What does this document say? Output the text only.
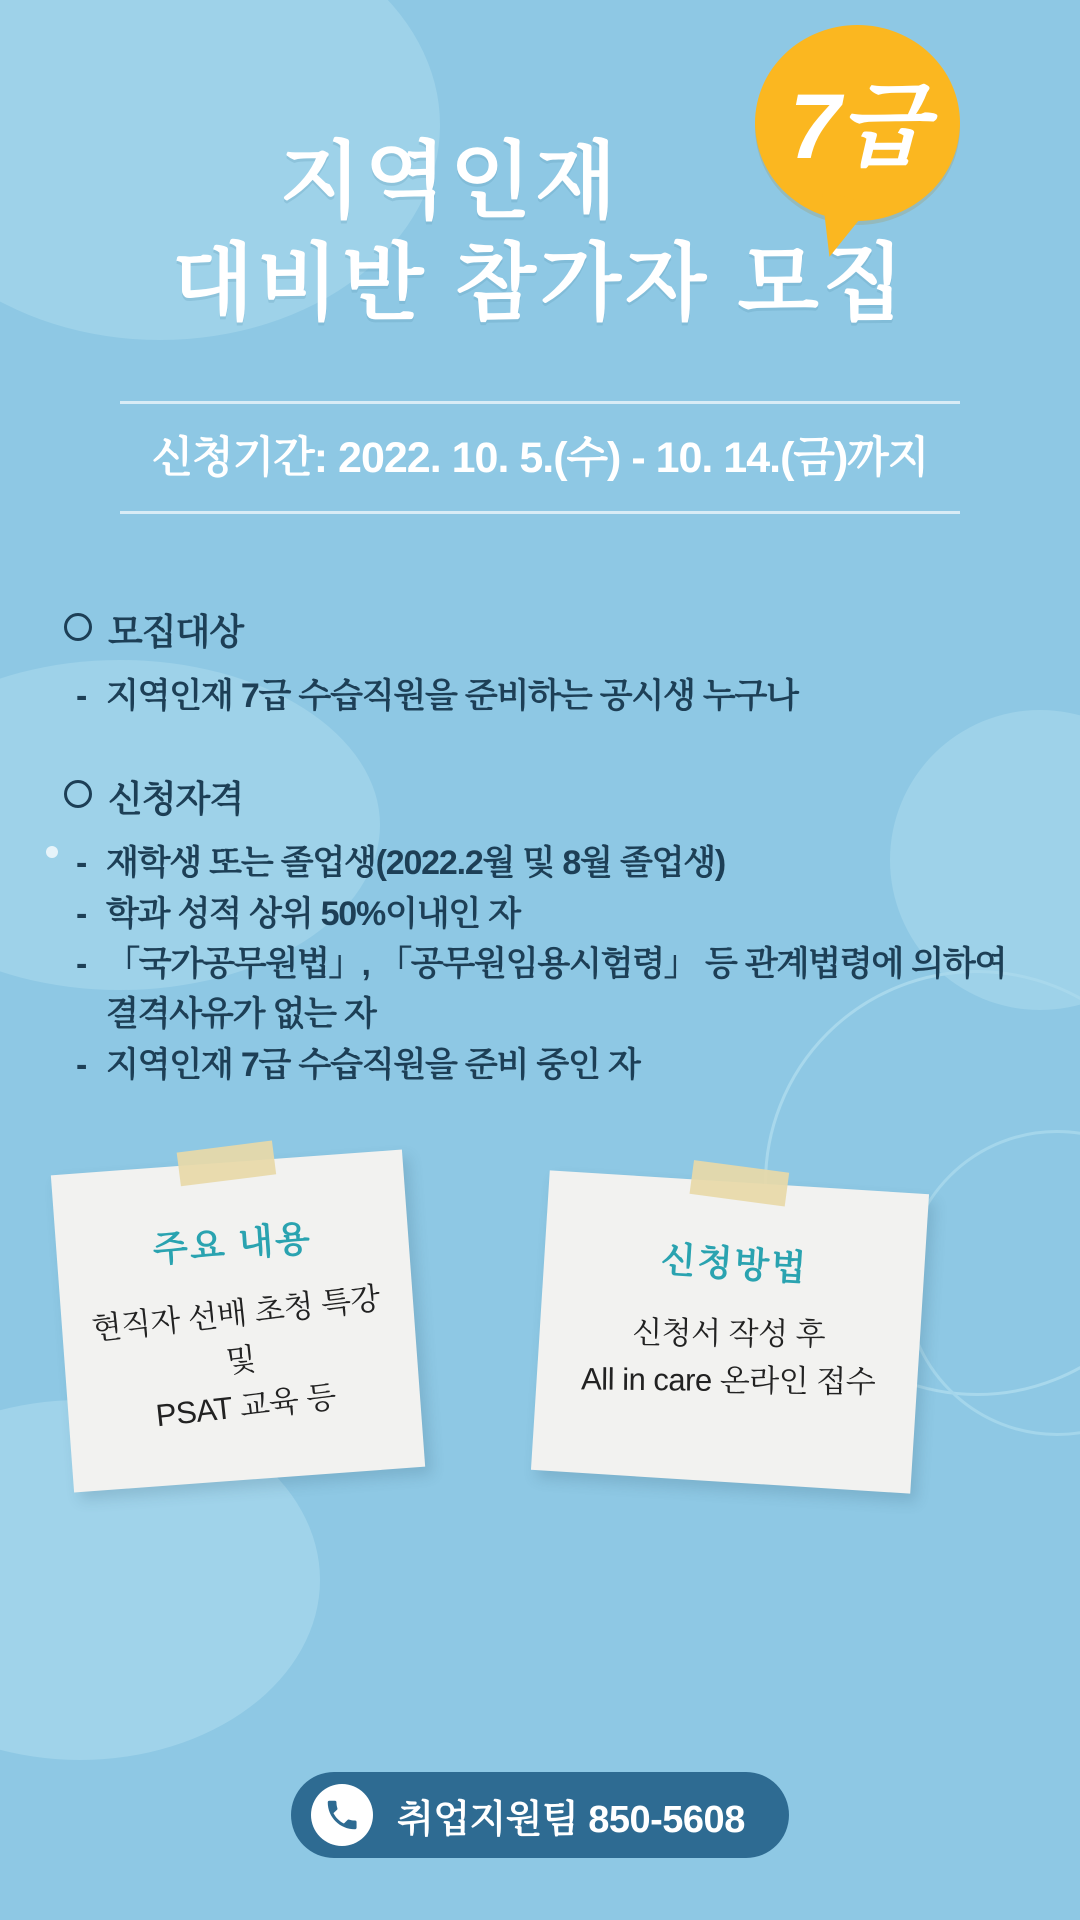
7급
지역인재
대비반 참가자 모집
신청기간: 2022. 10. 5.(수) - 10. 14.(금)까지
모집대상
- 지역인재 7급 수습직원을 준비하는 공시생 누구나
신청자격
- 재학생 또는 졸업생(2022.2월 및 8월 졸업생)
- 학과 성적 상위 50%이내인 자
- 「국가공무원법」, 「공무원임용시험령」 등 관계법령에 의하여
결격사유가 없는 자
- 지역인재 7급 수습직원을 준비 중인 자
주요 내용
현직자 선배 초청 특강 및
PSAT 교육 등
신청방법
신청서 작성 후
All in care 온라인 접수
취업지원팀 850-5608
